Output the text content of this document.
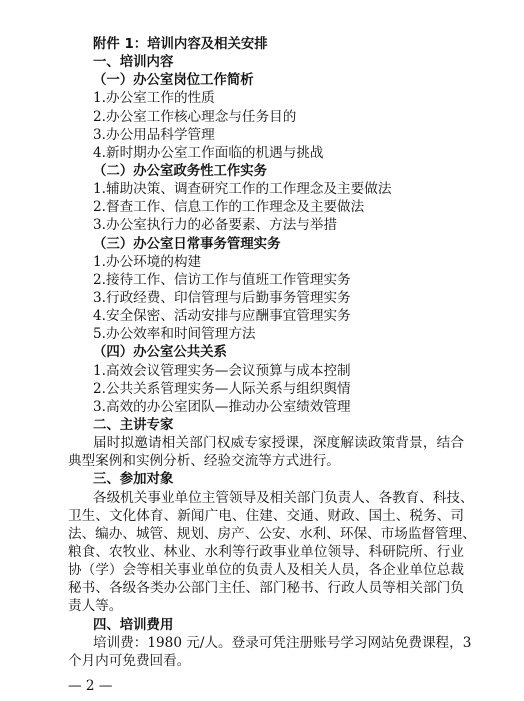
附件 1：培训内容及相关安排
一、培训内容
（一）办公室岗位工作简析
1.办公室工作的性质
2.办公室工作核心理念与任务目的
3.办公用品科学管理
4.新时期办公室工作面临的机遇与挑战
（二）办公室政务性工作实务
1.辅助决策、调查研究工作的工作理念及主要做法
2.督查工作、信息工作的工作理念及主要做法
3.办公室执行力的必备要素、方法与举措
（三）办公室日常事务管理实务
1.办公环境的构建
2.接待工作、信访工作与值班工作管理实务
3.行政经费、印信管理与后勤事务管理实务
4.安全保密、活动安排与应酬事宜管理实务
5.办公效率和时间管理方法
（四）办公室公共关系
1.高效会议管理实务—会议预算与成本控制
2.公共关系管理实务—人际关系与组织舆情
3.高效的办公室团队—推动办公室绩效管理
二、主讲专家
届时拟邀请相关部门权威专家授课，深度解读政策背景，结合
典型案例和实例分析、经验交流等方式进行。
三、参加对象
各级机关事业单位主管领导及相关部门负责人、各教育、科技、
卫生、文化体育、新闻广电、住建、交通、财政、国土、税务、司
法、编办、城管、规划、房产、公安、水利、环保、市场监督管理、
粮食、农牧业、林业、水利等行政事业单位领导、科研院所、行业
协（学）会等相关事业单位的负责人及相关人员，各企业单位总裁
秘书、各级各类办公部门主任、部门秘书、行政人员等相关部门负
责人等。
四、培训费用
培训费：1980 元/人。登录可凭注册账号学习网站免费课程，3
个月内可免费回看。
— 2 —
